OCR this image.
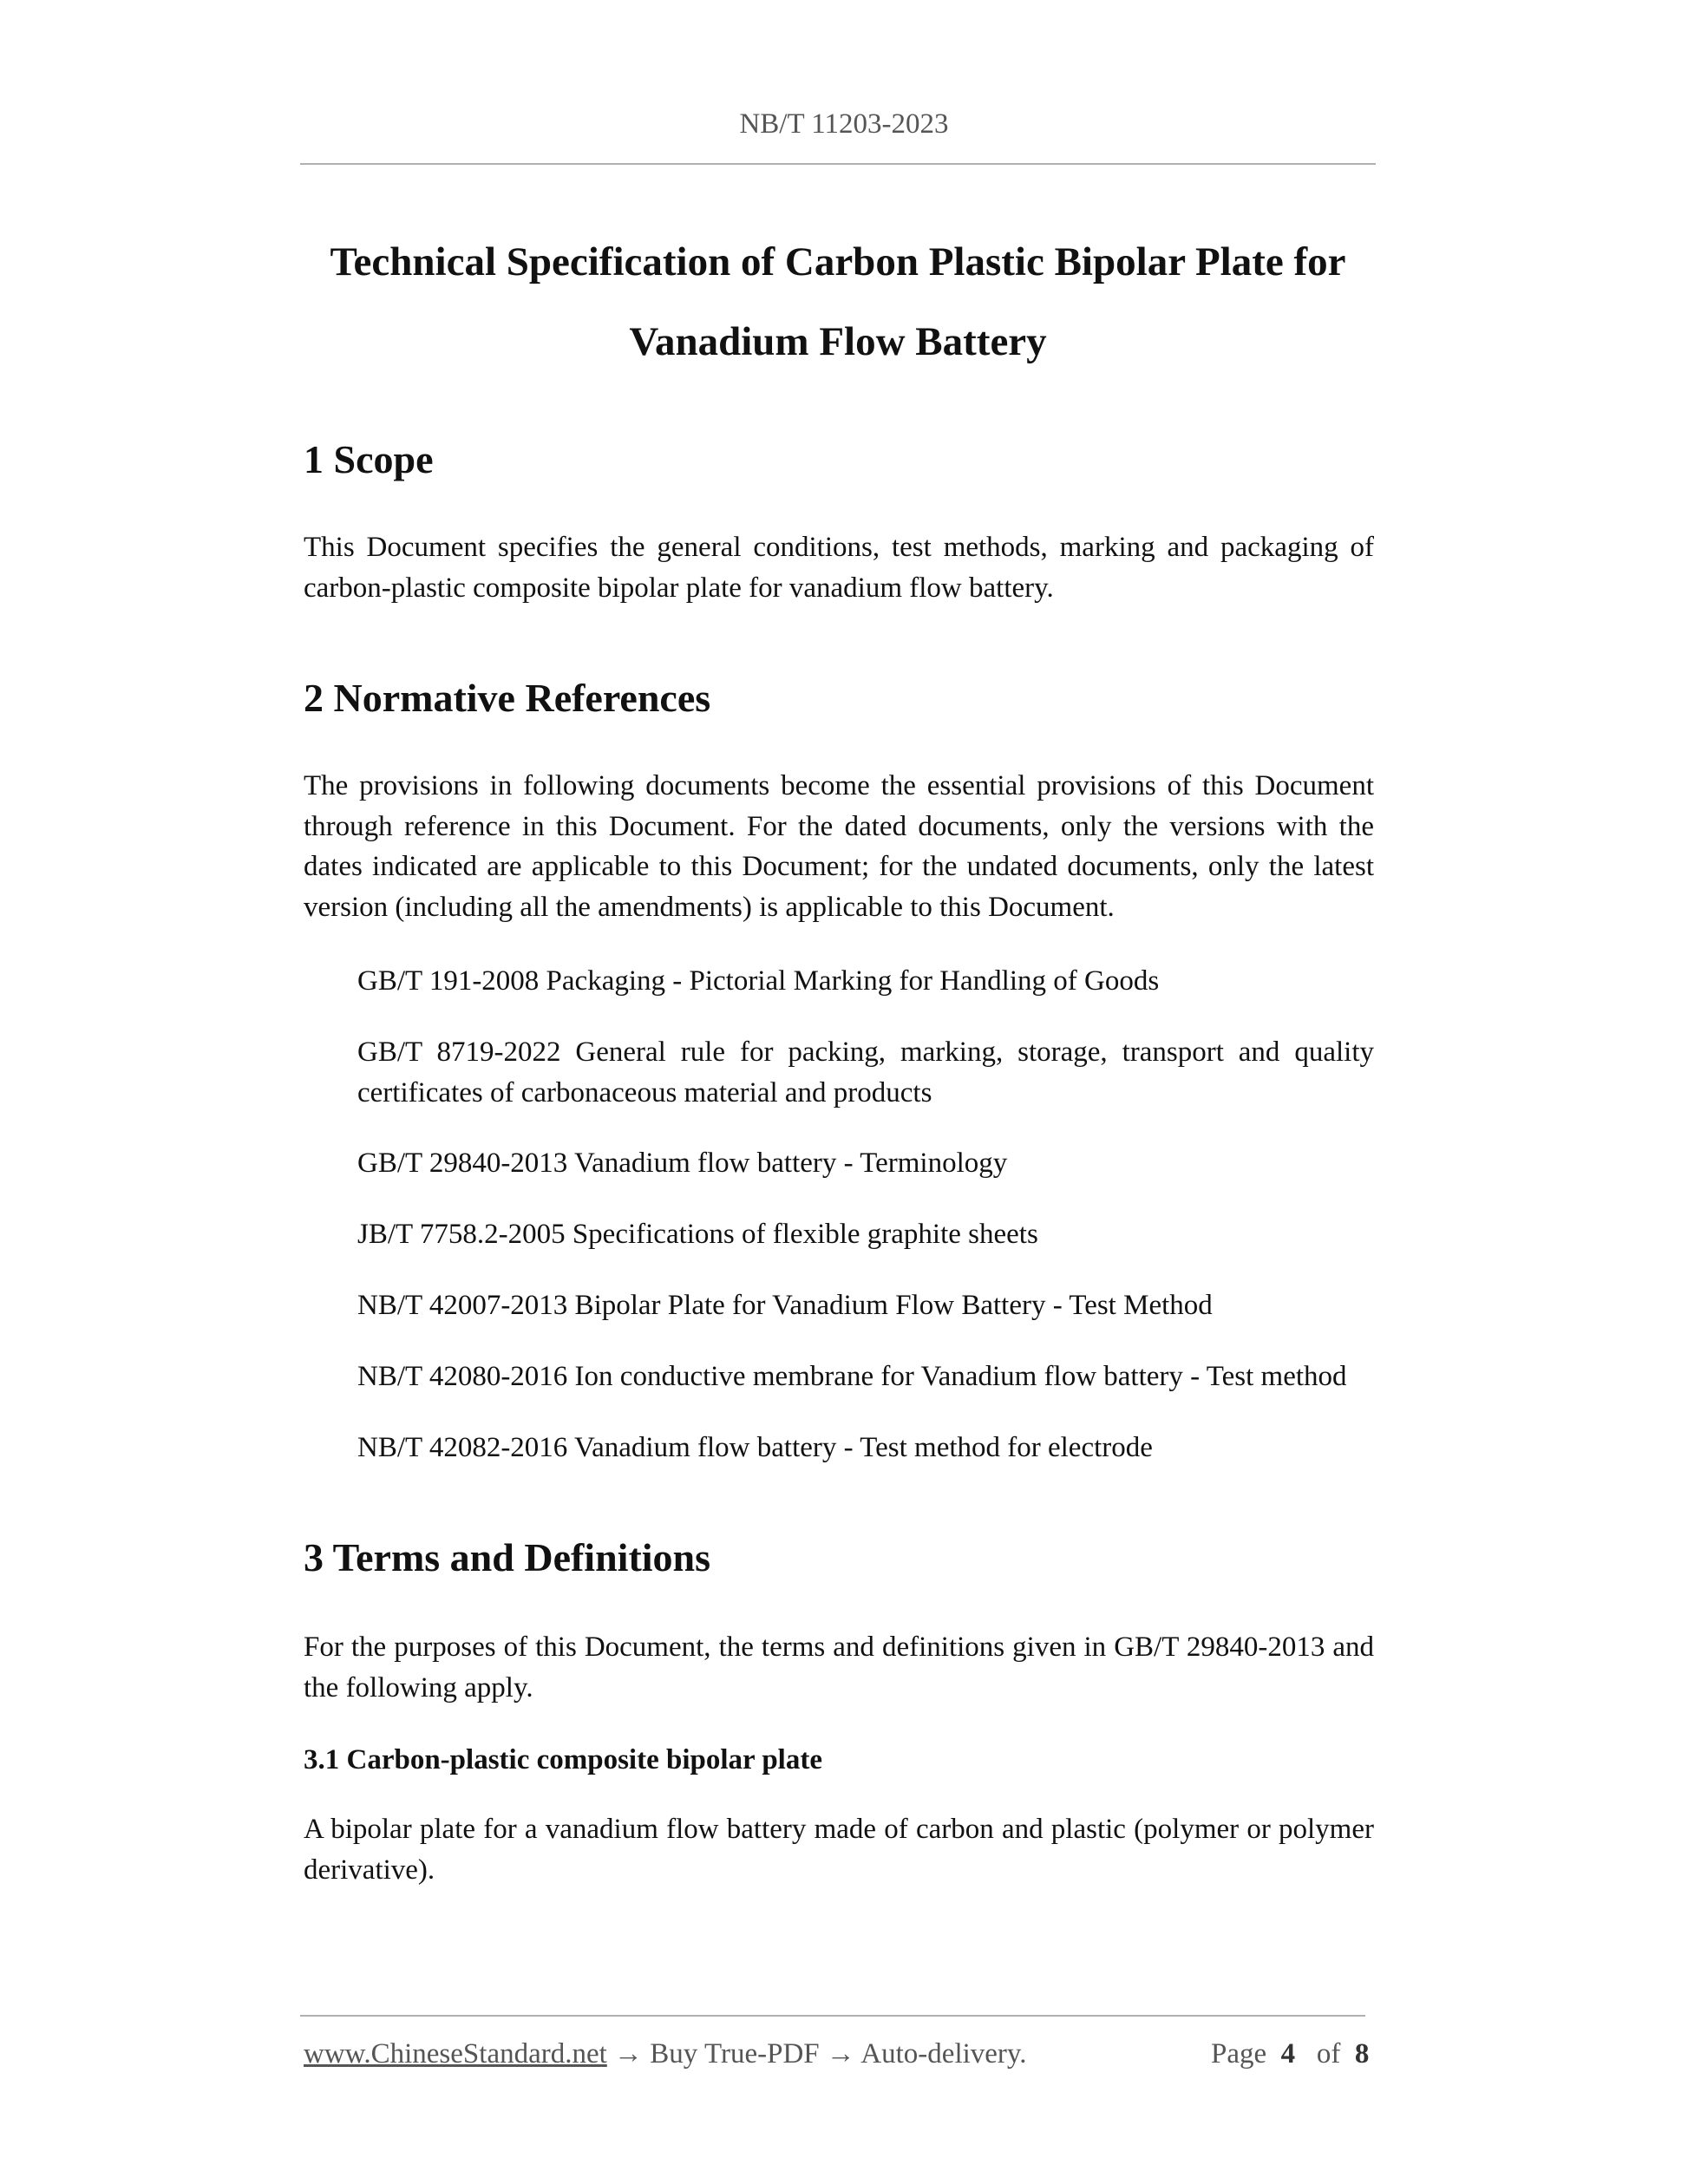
NB/T 11203-2023
Technical Specification of Carbon Plastic Bipolar Plate for
Vanadium Flow Battery
1 Scope

This Document specifies the general conditions, test methods, marking and packaging of carbon-plastic composite bipolar plate for vanadium flow battery.

2 Normative References

The provisions in following documents become the essential provisions of this Document through reference in this Document. For the dated documents, only the versions with the dates indicated are applicable to this Document; for the undated documents, only the latest version (including all the amendments) is applicable to this Document.

GB/T 191-2008 Packaging - Pictorial Marking for Handling of Goods

GB/T 8719-2022 General rule for packing, marking, storage, transport and quality certificates of carbonaceous material and products

GB/T 29840-2013 Vanadium flow battery - Terminology

JB/T 7758.2-2005 Specifications of flexible graphite sheets

NB/T 42007-2013 Bipolar Plate for Vanadium Flow Battery - Test Method

NB/T 42080-2016 Ion conductive membrane for Vanadium flow battery - Test method

NB/T 42082-2016 Vanadium flow battery - Test method for electrode

3 Terms and Definitions

For the purposes of this Document, the terms and definitions given in GB/T 29840-2013 and the following apply.

3.1 Carbon-plastic composite bipolar plate

A bipolar plate for a vanadium flow battery made of carbon and plastic (polymer or polymer derivative).

www.ChineseStandard.net → Buy True-PDF → Auto-delivery.	Page 4 of 8
